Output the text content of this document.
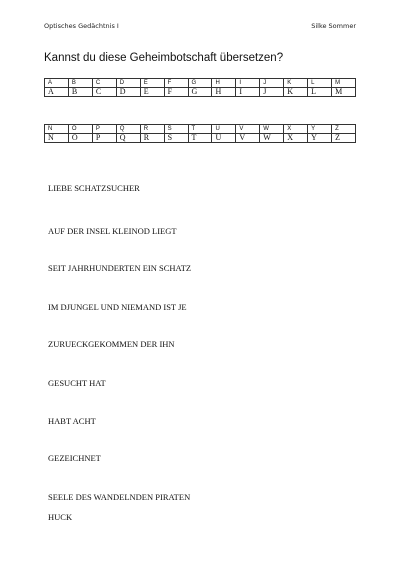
Optisches Gedächtnis I	Silke Sommer
Kannst du diese Geheimbotschaft übersetzen?
A	B	C	D	E	F	G	H	I	J	K	L	M
A	B	C	D	E	F	G	H	I	J	K	L	M
N	O	P	Q	R	S	T	U	V	W	X	Y	Z
N	O	P	Q	R	S	T	U	V	W	X	Y	Z
LIEBE SCHATZSUCHER
AUF DER INSEL KLEINOD LIEGT
SEIT JAHRHUNDERTEN EIN SCHATZ
IM DJUNGEL UND NIEMAND IST JE
ZURUECKGEKOMMEN DER IHN
GESUCHT HAT
HABT ACHT
GEZEICHNET
SEELE DES WANDELNDEN PIRATEN
HUCK
